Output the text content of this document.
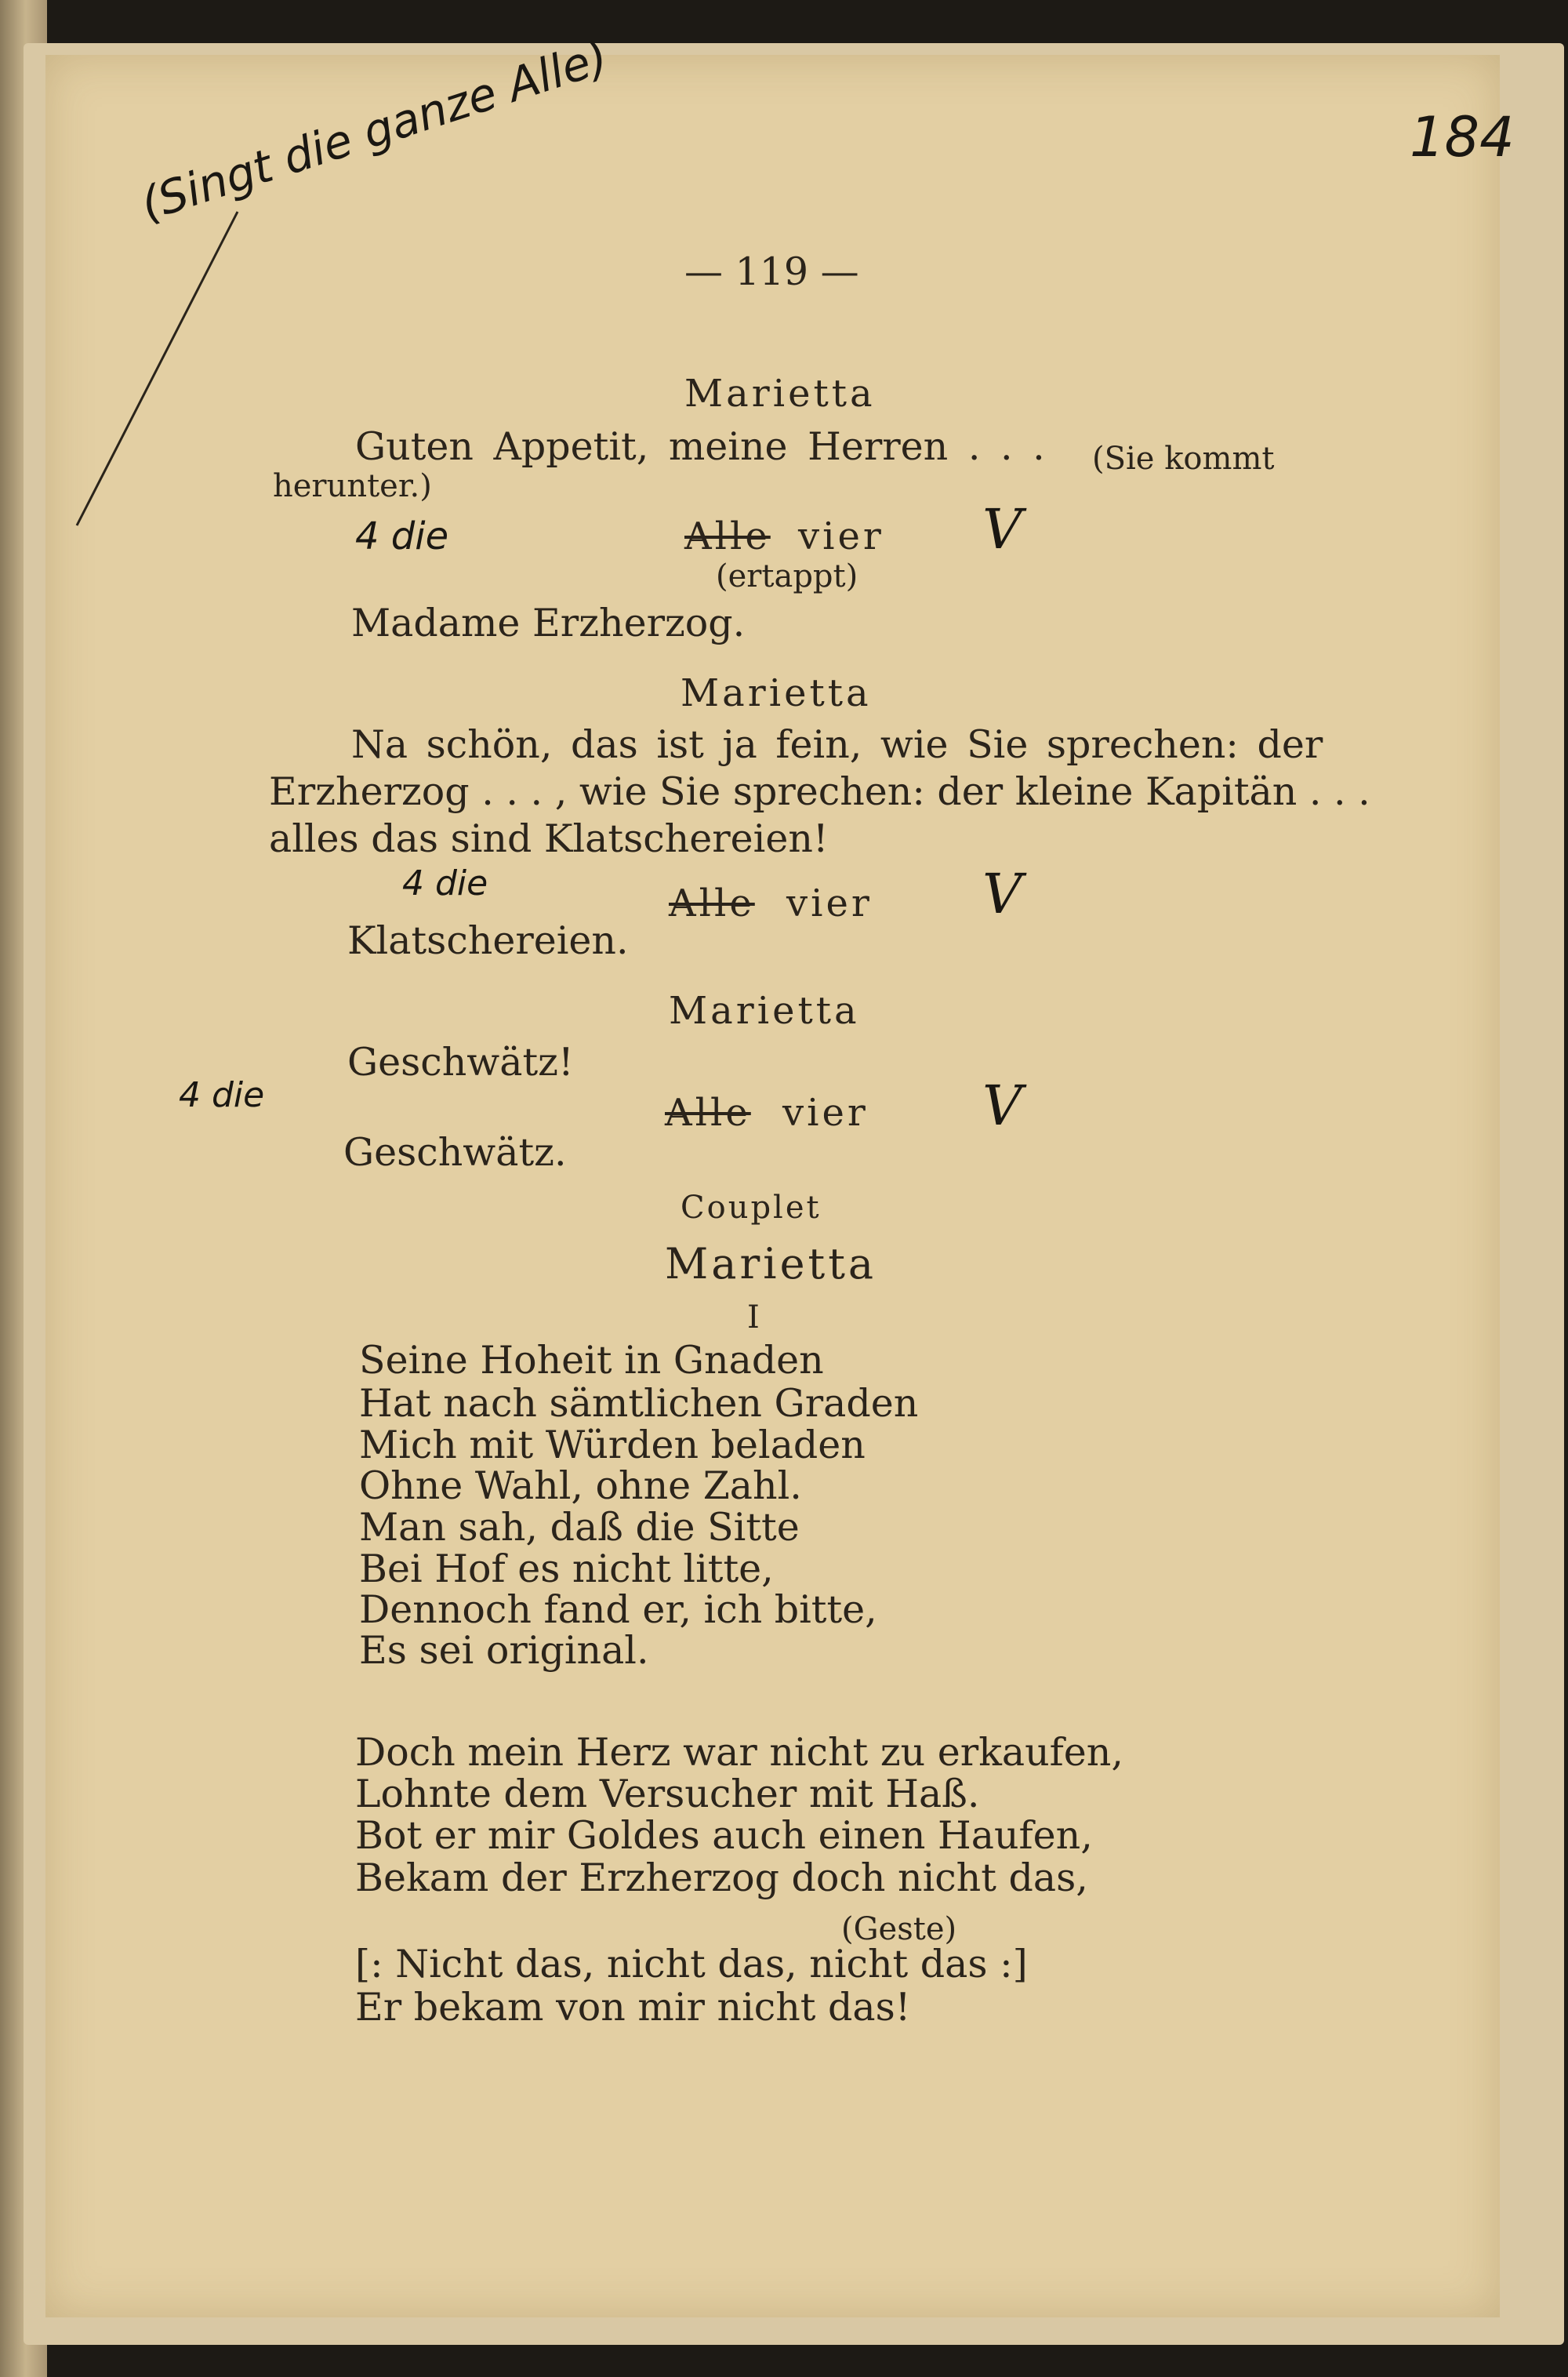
(Singt die ganze Alle)	184
— 119 —
Marietta
Guten Appetit, meine Herren . . . (Sie kommt
herunter.)
4 die	Alle vier V
(ertappt)
Madame Erzherzog.
Marietta
Na schön, das ist ja fein, wie Sie sprechen: der
Erzherzog . . . , wie Sie sprechen: der kleine Kapitän . . .
alles das sind Klatschereien!
4 die	Alle vier V
Klatschereien.
Marietta
Geschwätz!
4 die	Alle vier V
Geschwätz.
Couplet
Marietta
I
Seine Hoheit in Gnaden
Hat nach sämtlichen Graden
Mich mit Würden beladen
Ohne Wahl, ohne Zahl.
Man sah, daß die Sitte
Bei Hof es nicht litte,
Dennoch fand er, ich bitte,
Es sei original.
Doch mein Herz war nicht zu erkaufen,
Lohnte dem Versucher mit Haß.
Bot er mir Goldes auch einen Haufen,
Bekam der Erzherzog doch nicht das,
(Geste)
[: Nicht das, nicht das, nicht das :]
Er bekam von mir nicht das!
